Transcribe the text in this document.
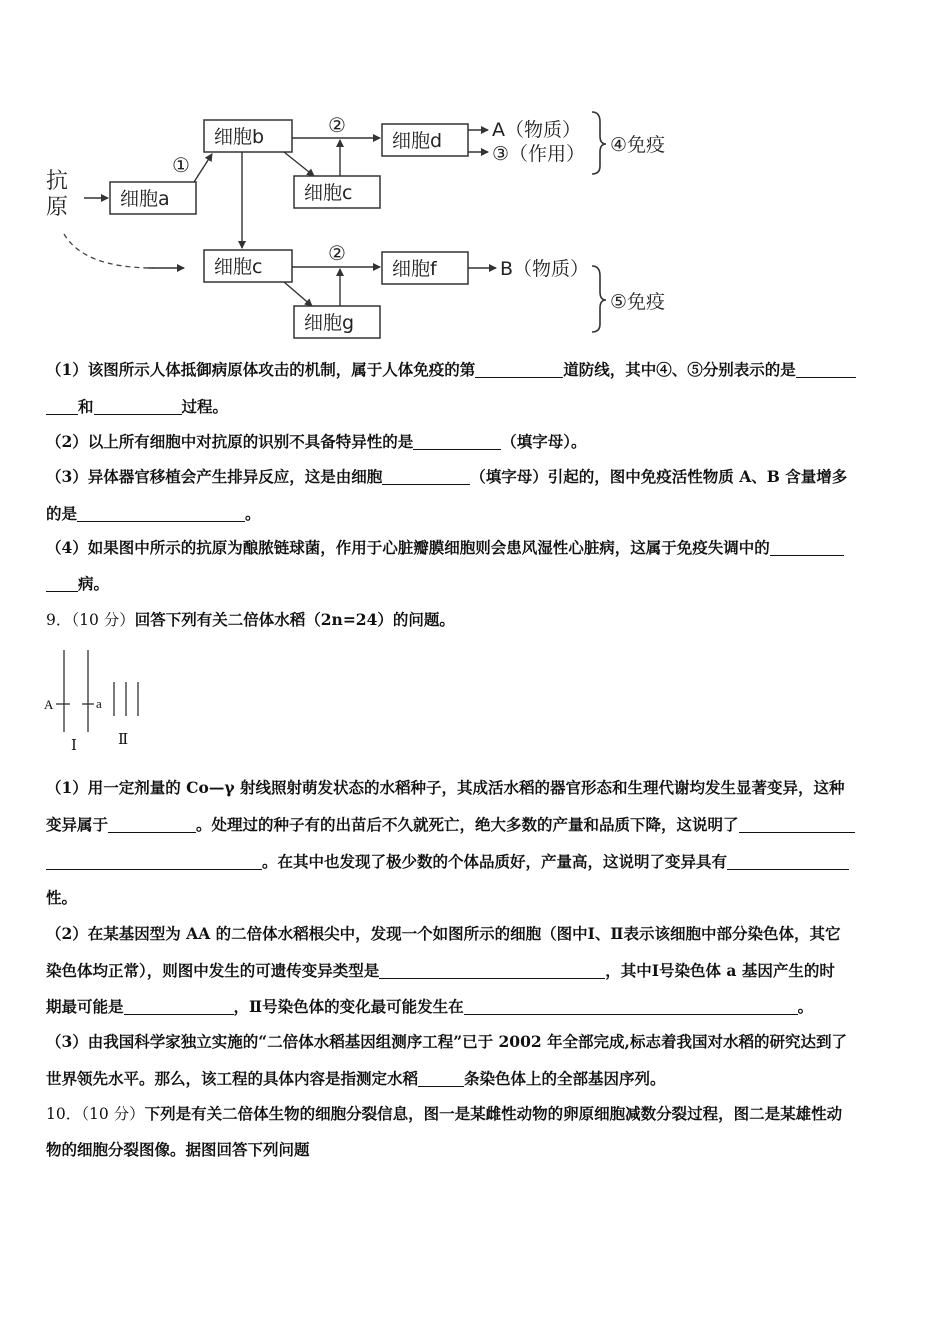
抗原	细胞a
细胞b
细胞c
细胞d
细胞c	细胞f
细胞g
①
②
②
A（物质）
③（作用）
B（物质）
④免疫
⑤免疫
（1）该图所示人体抵御病原体攻击的机制，属于人体免疫的第	道防线，其中④、⑤分别表示的是
和	过程。
（2）以上所有细胞中对抗原的识别不具备特异性的是	（填字母）。
（3）异体器官移植会产生排异反应，这是由细胞	（填字母）引起的，图中免疫活性物质 A、B 含量增多
的是	。
（4）如果图中所示的抗原为酿脓链球菌，作用于心脏瓣膜细胞则会患风湿性心脏病，这属于免疫失调中的
病。
9．（10 分）回答下列有关二倍体水稻（2n=24）的问题。
A	a
Ⅰ	Ⅱ
（1）用一定剂量的 Co—γ 射线照射萌发状态的水稻种子，其成活水稻的器官形态和生理代谢均发生显著变异，这种
变异属于	。处理过的种子有的出苗后不久就死亡，绝大多数的产量和品质下降，这说明了
。在其中也发现了极少数的个体品质好，产量高，这说明了变异具有
性。
（2）在某基因型为 AA 的二倍体水稻根尖中，发现一个如图所示的细胞（图中Ⅰ、Ⅱ表示该细胞中部分染色体，其它
染色体均正常），则图中发生的可遗传变异类型是	，其中Ⅰ号染色体 a 基因产生的时
期最可能是	，Ⅱ号染色体的变化最可能发生在	。
（3）由我国科学家独立实施的“二倍体水稻基因组测序工程”已于 2002 年全部完成,标志着我国对水稻的研究达到了
世界领先水平。那么，该工程的具体内容是指测定水稻	条染色体上的全部基因序列。
10．（10 分）下列是有关二倍体生物的细胞分裂信息，图一是某雌性动物的卵原细胞减数分裂过程，图二是某雄性动
物的细胞分裂图像。据图回答下列问题
